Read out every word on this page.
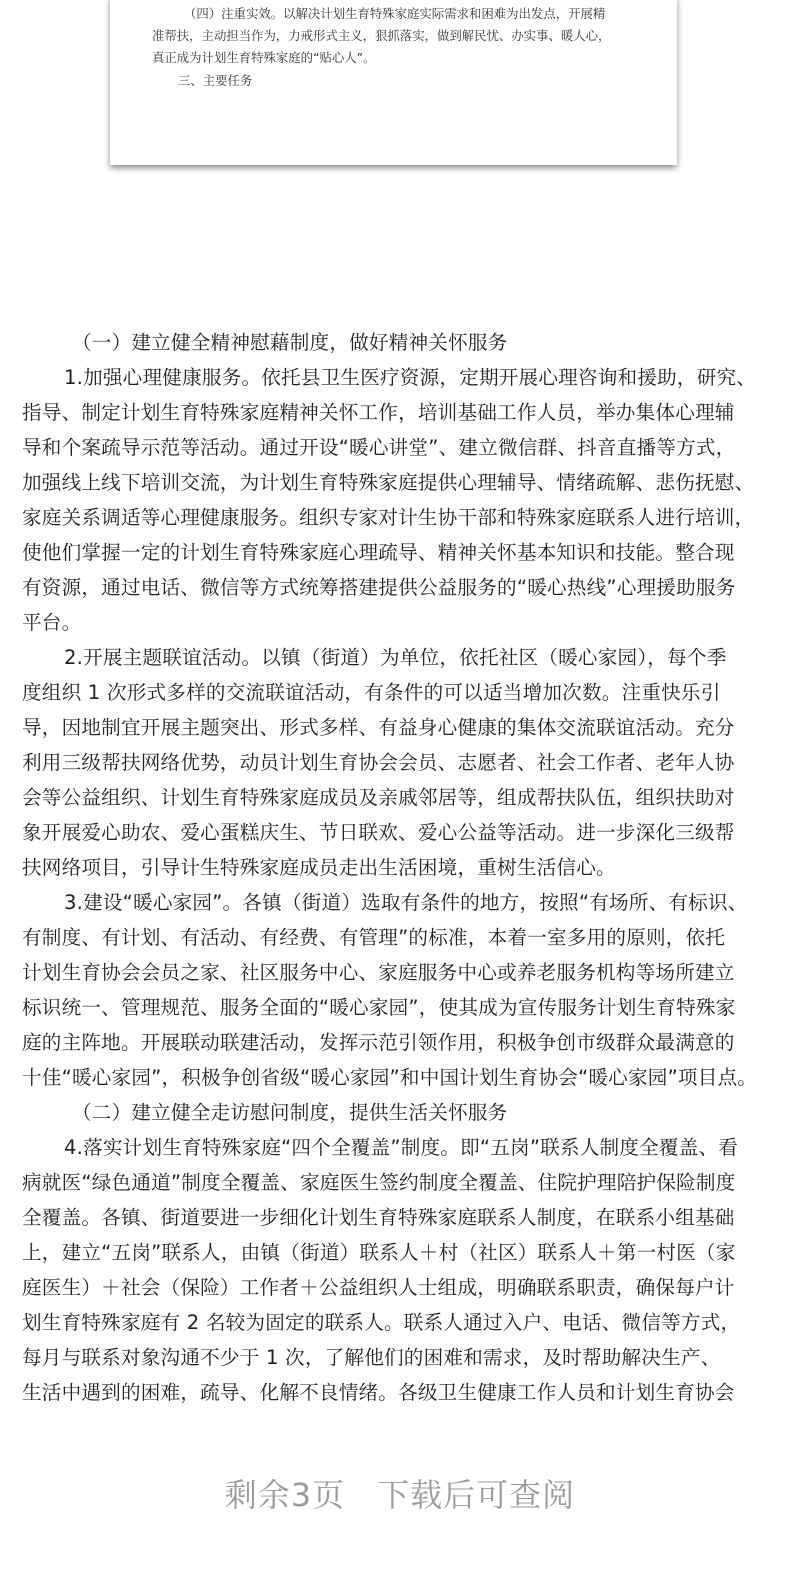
（四）注重实效。以解决计划生育特殊家庭实际需求和困难为出发点，开展精
准帮扶，主动担当作为，力戒形式主义，狠抓落实，做到解民忧、办实事、暖人心，
真正成为计划生育特殊家庭的“贴心人”。
三、主要任务
（一）建立健全精神慰藉制度，做好精神关怀服务
1.加强心理健康服务。依托县卫生医疗资源，定期开展心理咨询和援助，研究、
指导、制定计划生育特殊家庭精神关怀工作，培训基础工作人员，举办集体心理辅
导和个案疏导示范等活动。通过开设“暖心讲堂”、建立微信群、抖音直播等方式，
加强线上线下培训交流，为计划生育特殊家庭提供心理辅导、情绪疏解、悲伤抚慰、
家庭关系调适等心理健康服务。组织专家对计生协干部和特殊家庭联系人进行培训，
使他们掌握一定的计划生育特殊家庭心理疏导、精神关怀基本知识和技能。整合现
有资源，通过电话、微信等方式统筹搭建提供公益服务的“暖心热线”心理援助服务
平台。
2.开展主题联谊活动。以镇（街道）为单位，依托社区（暖心家园），每个季
度组织 1 次形式多样的交流联谊活动，有条件的可以适当增加次数。注重快乐引
导，因地制宜开展主题突出、形式多样、有益身心健康的集体交流联谊活动。充分
利用三级帮扶网络优势，动员计划生育协会会员、志愿者、社会工作者、老年人协
会等公益组织、计划生育特殊家庭成员及亲戚邻居等，组成帮扶队伍，组织扶助对
象开展爱心助农、爱心蛋糕庆生、节日联欢、爱心公益等活动。进一步深化三级帮
扶网络项目，引导计生特殊家庭成员走出生活困境，重树生活信心。
3.建设“暖心家园”。各镇（街道）选取有条件的地方，按照“有场所、有标识、
有制度、有计划、有活动、有经费、有管理”的标准，本着一室多用的原则，依托
计划生育协会会员之家、社区服务中心、家庭服务中心或养老服务机构等场所建立
标识统一、管理规范、服务全面的“暖心家园”，使其成为宣传服务计划生育特殊家
庭的主阵地。开展联动联建活动，发挥示范引领作用，积极争创市级群众最满意的
十佳“暖心家园”，积极争创省级“暖心家园”和中国计划生育协会“暖心家园”项目点。
（二）建立健全走访慰问制度，提供生活关怀服务
4.落实计划生育特殊家庭“四个全覆盖”制度。即“五岗”联系人制度全覆盖、看
病就医“绿色通道”制度全覆盖、家庭医生签约制度全覆盖、住院护理陪护保险制度
全覆盖。各镇、街道要进一步细化计划生育特殊家庭联系人制度，在联系小组基础
上，建立“五岗”联系人，由镇（街道）联系人＋村（社区）联系人＋第一村医（家
庭医生）＋社会（保险）工作者＋公益组织人士组成，明确联系职责，确保每户计
划生育特殊家庭有 2 名较为固定的联系人。联系人通过入户、电话、微信等方式，
每月与联系对象沟通不少于 1 次，了解他们的困难和需求，及时帮助解决生产、
生活中遇到的困难，疏导、化解不良情绪。各级卫生健康工作人员和计划生育协会
剩余3页 下载后可查阅
